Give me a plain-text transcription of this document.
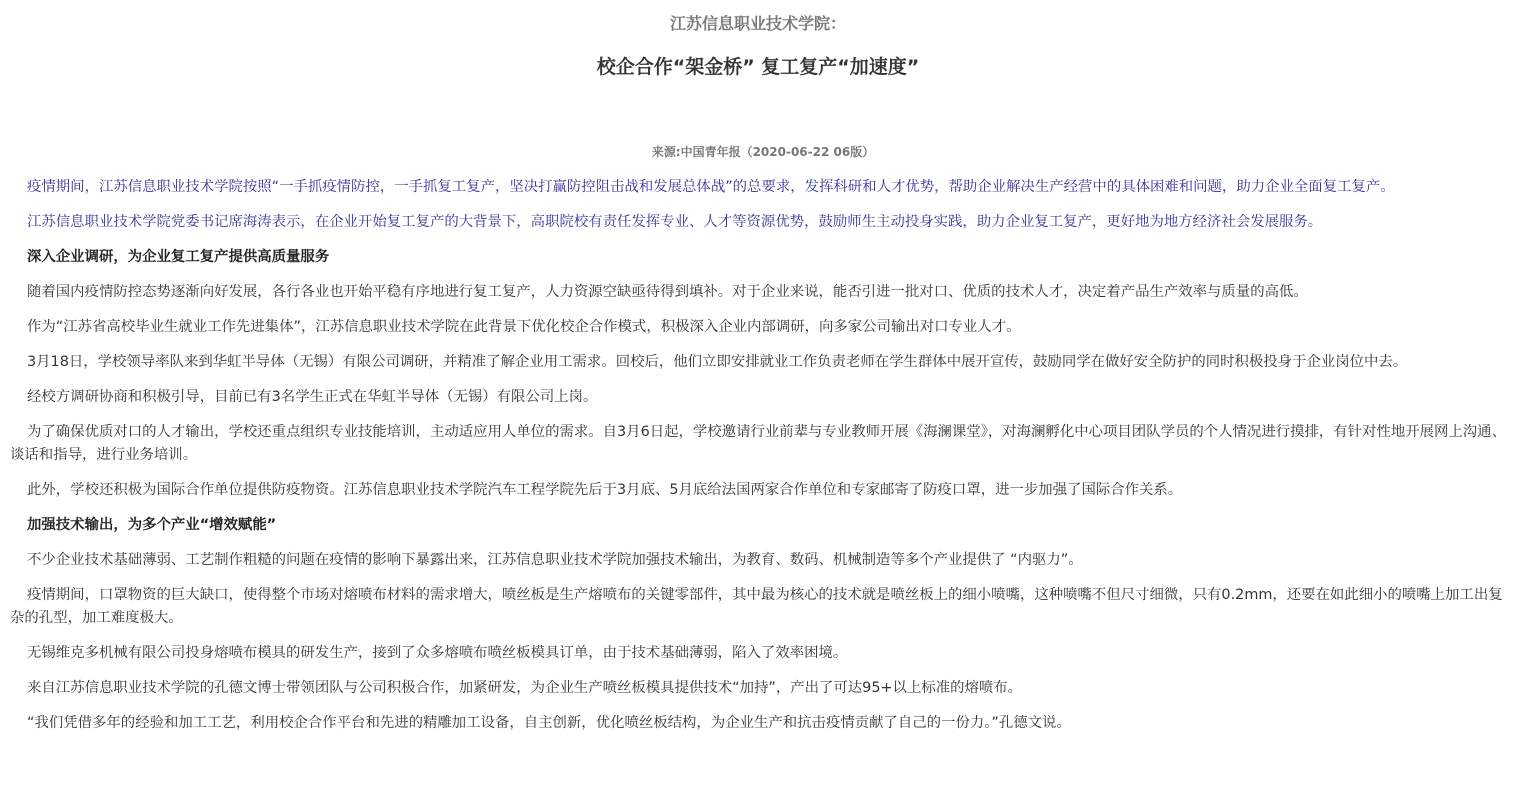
江苏信息职业技术学院：

校企合作“架金桥” 复工复产“加速度”

来源:中国青年报（2020-06-22 06版）

疫情期间，江苏信息职业技术学院按照“一手抓疫情防控，一手抓复工复产，坚决打赢防控阻击战和发展总体战”的总要求，发挥科研和人才优势，帮助企业解决生产经营中的具体困难和问题，助力企业全面复工复产。

江苏信息职业技术学院党委书记席海涛表示，在企业开始复工复产的大背景下，高职院校有责任发挥专业、人才等资源优势，鼓励师生主动投身实践，助力企业复工复产，更好地为地方经济社会发展服务。

深入企业调研，为企业复工复产提供高质量服务

随着国内疫情防控态势逐渐向好发展，各行各业也开始平稳有序地进行复工复产，人力资源空缺亟待得到填补。对于企业来说，能否引进一批对口、优质的技术人才，决定着产品生产效率与质量的高低。

作为“江苏省高校毕业生就业工作先进集体”，江苏信息职业技术学院在此背景下优化校企合作模式，积极深入企业内部调研，向多家公司输出对口专业人才。

3月18日，学校领导率队来到华虹半导体（无锡）有限公司调研，并精准了解企业用工需求。回校后，他们立即安排就业工作负责老师在学生群体中展开宣传，鼓励同学在做好安全防护的同时积极投身于企业岗位中去。

经校方调研协商和积极引导，目前已有3名学生正式在华虹半导体（无锡）有限公司上岗。

为了确保优质对口的人才输出，学校还重点组织专业技能培训，主动适应用人单位的需求。自3月6日起，学校邀请行业前辈与专业教师开展《海澜课堂》，对海澜孵化中心项目团队学员的个人情况进行摸排，有针对性地开展网上沟通、谈话和指导，进行业务培训。

此外，学校还积极为国际合作单位提供防疫物资。江苏信息职业技术学院汽车工程学院先后于3月底、5月底给法国两家合作单位和专家邮寄了防疫口罩，进一步加强了国际合作关系。

加强技术输出，为多个产业“增效赋能”

不少企业技术基础薄弱、工艺制作粗糙的问题在疫情的影响下暴露出来，江苏信息职业技术学院加强技术输出，为教育、数码、机械制造等多个产业提供了 “内驱力”。

疫情期间，口罩物资的巨大缺口，使得整个市场对熔喷布材料的需求增大，喷丝板是生产熔喷布的关键零部件，其中最为核心的技术就是喷丝板上的细小喷嘴，这种喷嘴不但尺寸细微，只有0.2mm，还要在如此细小的喷嘴上加工出复杂的孔型，加工难度极大。

无锡维克多机械有限公司投身熔喷布模具的研发生产，接到了众多熔喷布喷丝板模具订单，由于技术基础薄弱，陷入了效率困境。

来自江苏信息职业技术学院的孔德文博士带领团队与公司积极合作，加紧研发，为企业生产喷丝板模具提供技术“加持”，产出了可达95+以上标准的熔喷布。

“我们凭借多年的经验和加工工艺，利用校企合作平台和先进的精雕加工设备，自主创新，优化喷丝板结构，为企业生产和抗击疫情贡献了自己的一份力。”孔德文说。
